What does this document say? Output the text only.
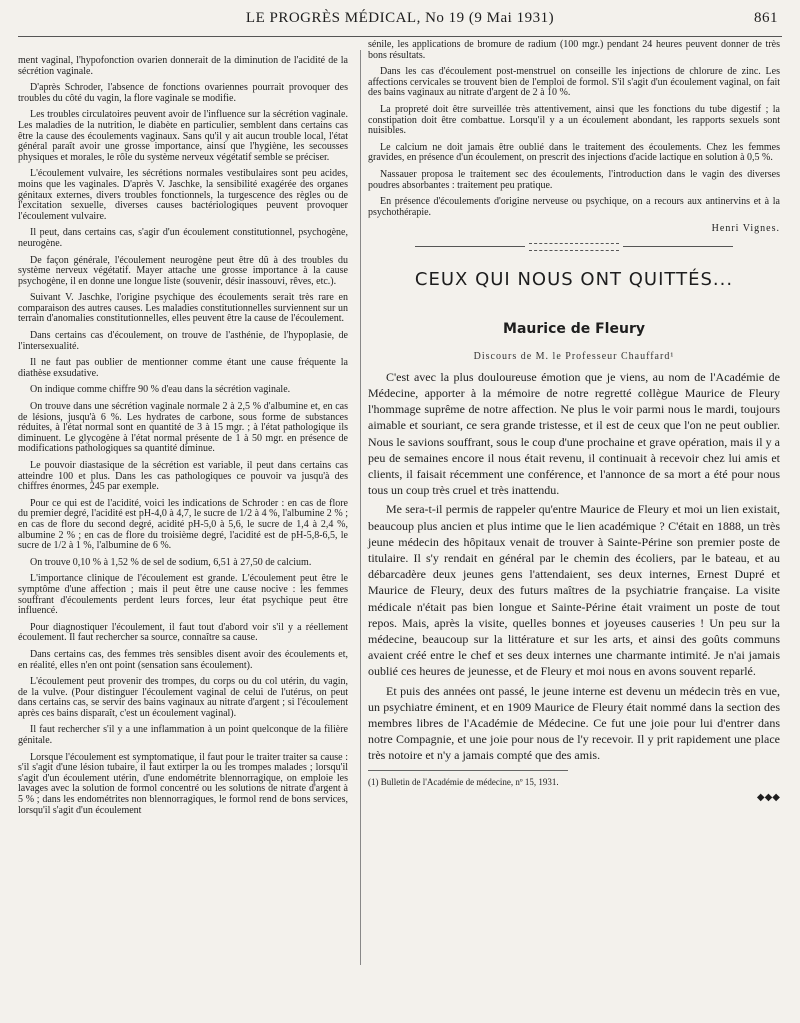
LE PROGRÈS MÉDICAL, No 19 (9 Mai 1931)	861

ment vaginal, l'hypofonction ovarien donnerait de la diminution de l'acidité de la sécrétion vaginale.

D'après Schroder, l'absence de fonctions ovariennes pourrait provoquer des troubles du côté du vagin, la flore vaginale se modifie.

Les troubles circulatoires peuvent avoir de l'influence sur la sécrétion vaginale. Les maladies de la nutrition, le diabète en particulier, semblent dans certains cas être la cause des écoulements vaginaux. Sans qu'il y ait aucun trouble local, l'état général paraît avoir une grosse importance, ainsi que l'hygiène, les secousses physiques et morales, le rôle du système nerveux végétatif semble se préciser.

L'écoulement vulvaire, les sécrétions normales vestibulaires sont peu acides, moins que les vaginales. D'après V. Jaschke, la sensibilité exagérée des organes génitaux externes, divers troubles fonctionnels, la turgescence des règles ou de l'excitation sexuelle, diverses causes bactériologiques peuvent provoquer l'écoulement vulvaire.

Il peut, dans certains cas, s'agir d'un écoulement constitutionnel, psychogène, neurogène.

De façon générale, l'écoulement neurogène peut être dû à des troubles du système nerveux végétatif. Mayer attache une grosse importance à la cause psychogène, il en donne une longue liste (souvenir, désir inassouvi, rêves, etc.).

Suivant V. Jaschke, l'origine psychique des écoulements serait très rare en comparaison des autres causes. Les maladies constitutionnelles surviennent sur un terrain d'anomalies constitutionnelles, elles peuvent être la cause de l'écoulement.

Dans certains cas d'écoulement, on trouve de l'asthénie, de l'hypoplasie, de l'intersexualité.

Il ne faut pas oublier de mentionner comme étant une cause fréquente la diathèse exsudative.

On indique comme chiffre 90 % d'eau dans la sécrétion vaginale.

On trouve dans une sécrétion vaginale normale 2 à 2,5 % d'albumine et, en cas de lésions, jusqu'à 6 %. Les hydrates de carbone, sous forme de substances réduites, à l'état normal sont en quantité de 3 à 15 mgr. ; à l'état pathologique ils diminuent. Le glycogène à l'état normal présente de 1 à 50 mgr. en présence de modifications pathologiques sa quantité diminue.

Le pouvoir diastasique de la sécrétion est variable, il peut dans certains cas atteindre 100 et plus. Dans les cas pathologiques ce pouvoir va jusqu'à des chiffres énormes, 245 par exemple.

Pour ce qui est de l'acidité, voici les indications de Schroder : en cas de flore du premier degré, l'acidité est pH-4,0 à 4,7, le sucre de 1/2 à 4 %, l'albumine 2 % ; en cas de flore du second degré, acidité pH-5,0 à 5,6, le sucre de 1,4 à 2,4 %, albumine 2 % ; en cas de flore du troisième degré, l'acidité est de pH-5,8-6,5, le sucre de 1/2 à 1 %, l'albumine de 6 %.

On trouve 0,10 % à 1,52 % de sel de sodium, 6,51 à 27,50 de calcium.

L'importance clinique de l'écoulement est grande. L'écoulement peut être le symptôme d'une affection ; mais il peut être une cause nocive : les femmes souffrant d'écoulements perdent leurs forces, leur état psychique peut être influencé.

Pour diagnostiquer l'écoulement, il faut tout d'abord voir s'il y a réellement écoulement. Il faut rechercher sa source, connaître sa cause.

Dans certains cas, des femmes très sensibles disent avoir des écoulements et, en réalité, elles n'en ont point (sensation sans écoulement).

L'écoulement peut provenir des trompes, du corps ou du col utérin, du vagin, de la vulve. (Pour distinguer l'écoulement vaginal de celui de l'utérus, on peut dans certains cas, se servir des bains vaginaux au nitrate d'argent ; si l'écoulement après ces bains disparaît, c'est un écoulement vaginal).

Il faut rechercher s'il y a une inflammation à un point quelconque de la filière génitale.

Lorsque l'écoulement est symptomatique, il faut pour le traiter traiter sa cause : s'il s'agit d'une lésion tubaire, il faut extirper la ou les trompes malades ; lorsqu'il s'agit d'un écoulement utérin, d'une endométrite blennorragique, on emploie les lavages avec la solution de formol concentré ou les solutions de nitrate d'argent à 5 % ; dans les endométrites non blennorragiques, le formol rend de bons services, lorsqu'il s'agit d'un écoulement

sénile, les applications de bromure de radium (100 mgr.) pendant 24 heures peuvent donner de très bons résultats.

Dans les cas d'écoulement post-menstruel on conseille les injections de chlorure de zinc. Les affections cervicales se trouvent bien de l'emploi de formol. S'il s'agit d'un écoulement vaginal, on fait des bains vaginaux au nitrate d'argent de 2 à 10 %.

La propreté doit être surveillée très attentivement, ainsi que les fonctions du tube digestif ; la constipation doit être combattue. Lorsqu'il y a un écoulement abondant, les rapports sexuels sont nuisibles.

Le calcium ne doit jamais être oublié dans le traitement des écoulements. Chez les femmes gravides, en présence d'un écoulement, on prescrit des injections d'acide lactique en solution à 0,5 %.

Nassauer proposa le traitement sec des écoulements, l'introduction dans le vagin des diverses poudres absorbantes : traitement peu pratique.

En présence d'écoulements d'origine nerveuse ou psychique, on a recours aux antinervins et à la psychothérapie.

Henri Vignes.

CEUX QUI NOUS ONT QUITTÉS...
Maurice de Fleury

Discours de M. le Professeur Chauffard¹

C'est avec la plus douloureuse émotion que je viens, au nom de l'Académie de Médecine, apporter à la mémoire de notre regretté collègue Maurice de Fleury l'hommage suprême de notre affection. Ne plus le voir parmi nous le mardi, toujours aimable et souriant, ce sera grande tristesse, et il est de ceux que l'on ne peut oublier. Nous le savions souffrant, sous le coup d'une prochaine et grave opération, mais il y a peu de semaines encore il nous était revenu, il continuait à recevoir chez lui amis et clients, il faisait récemment une conférence, et l'annonce de sa mort a été pour nous tous un coup très cruel et très inattendu.

Me sera-t-il permis de rappeler qu'entre Maurice de Fleury et moi un lien existait, beaucoup plus ancien et plus intime que le lien académique ? C'était en 1888, un très jeune médecin des hôpitaux venait de trouver à Sainte-Périne son premier poste de titulaire. Il s'y rendait en général par le chemin des écoliers, par le bateau, et au débarcadère deux jeunes gens l'attendaient, ses deux internes, Ernest Dupré et Maurice de Fleury, deux des futurs maîtres de la psychiatrie française. La visite médicale n'était pas bien longue et Sainte-Périne était vraiment un poste de tout repos. Mais, après la visite, quelles bonnes et joyeuses causeries ! Un peu sur la médecine, beaucoup sur la littérature et sur les arts, et ainsi des goûts communs avaient créé entre le chef et ses deux internes une charmante intimité. Je n'ai jamais oublié ces heures de jeunesse, et de Fleury et moi nous en avons souvent reparlé.

Et puis des années ont passé, le jeune interne est devenu un médecin très en vue, un psychiatre éminent, et en 1909 Maurice de Fleury était nommé dans la section des membres libres de l'Académie de Médecine. Ce fut une joie pour lui d'entrer dans notre Compagnie, et une joie pour nous de l'y recevoir. Il y prit rapidement une place très notoire et n'y a jamais compté que des amis.

(1) Bulletin de l'Académie de médecine, nº 15, 1931.

◆◆◆
